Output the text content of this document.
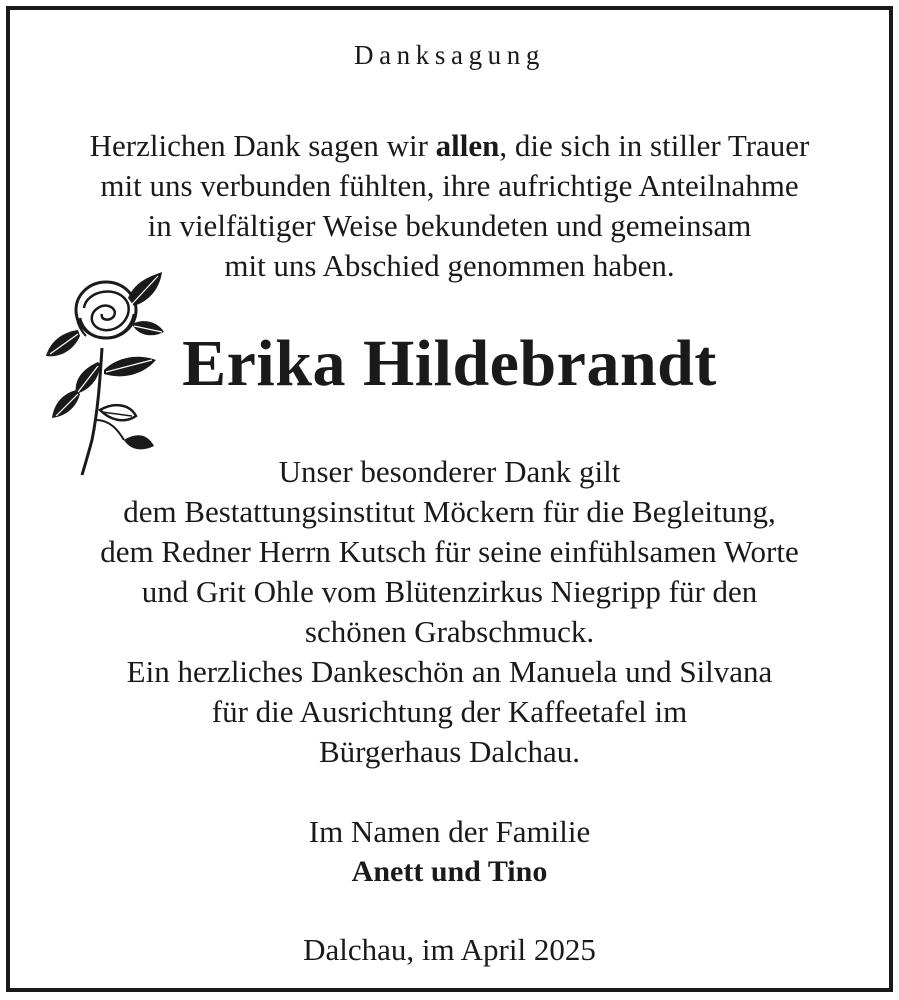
Danksagung
Herzlichen Dank sagen wir allen, die sich in stiller Trauer
mit uns verbunden fühlten, ihre aufrichtige Anteilnahme
in vielfältiger Weise bekundeten und gemeinsam
mit uns Abschied genommen haben.
Erika Hildebrandt
Unser besonderer Dank gilt
dem Bestattungsinstitut Möckern für die Begleitung,
dem Redner Herrn Kutsch für seine einfühlsamen Worte
und Grit Ohle vom Blütenzirkus Niegripp für den
schönen Grabschmuck.
Ein herzliches Dankeschön an Manuela und Silvana
für die Ausrichtung der Kaffeetafel im
Bürgerhaus Dalchau.
Im Namen der Familie
Anett und Tino
Dalchau, im April 2025
